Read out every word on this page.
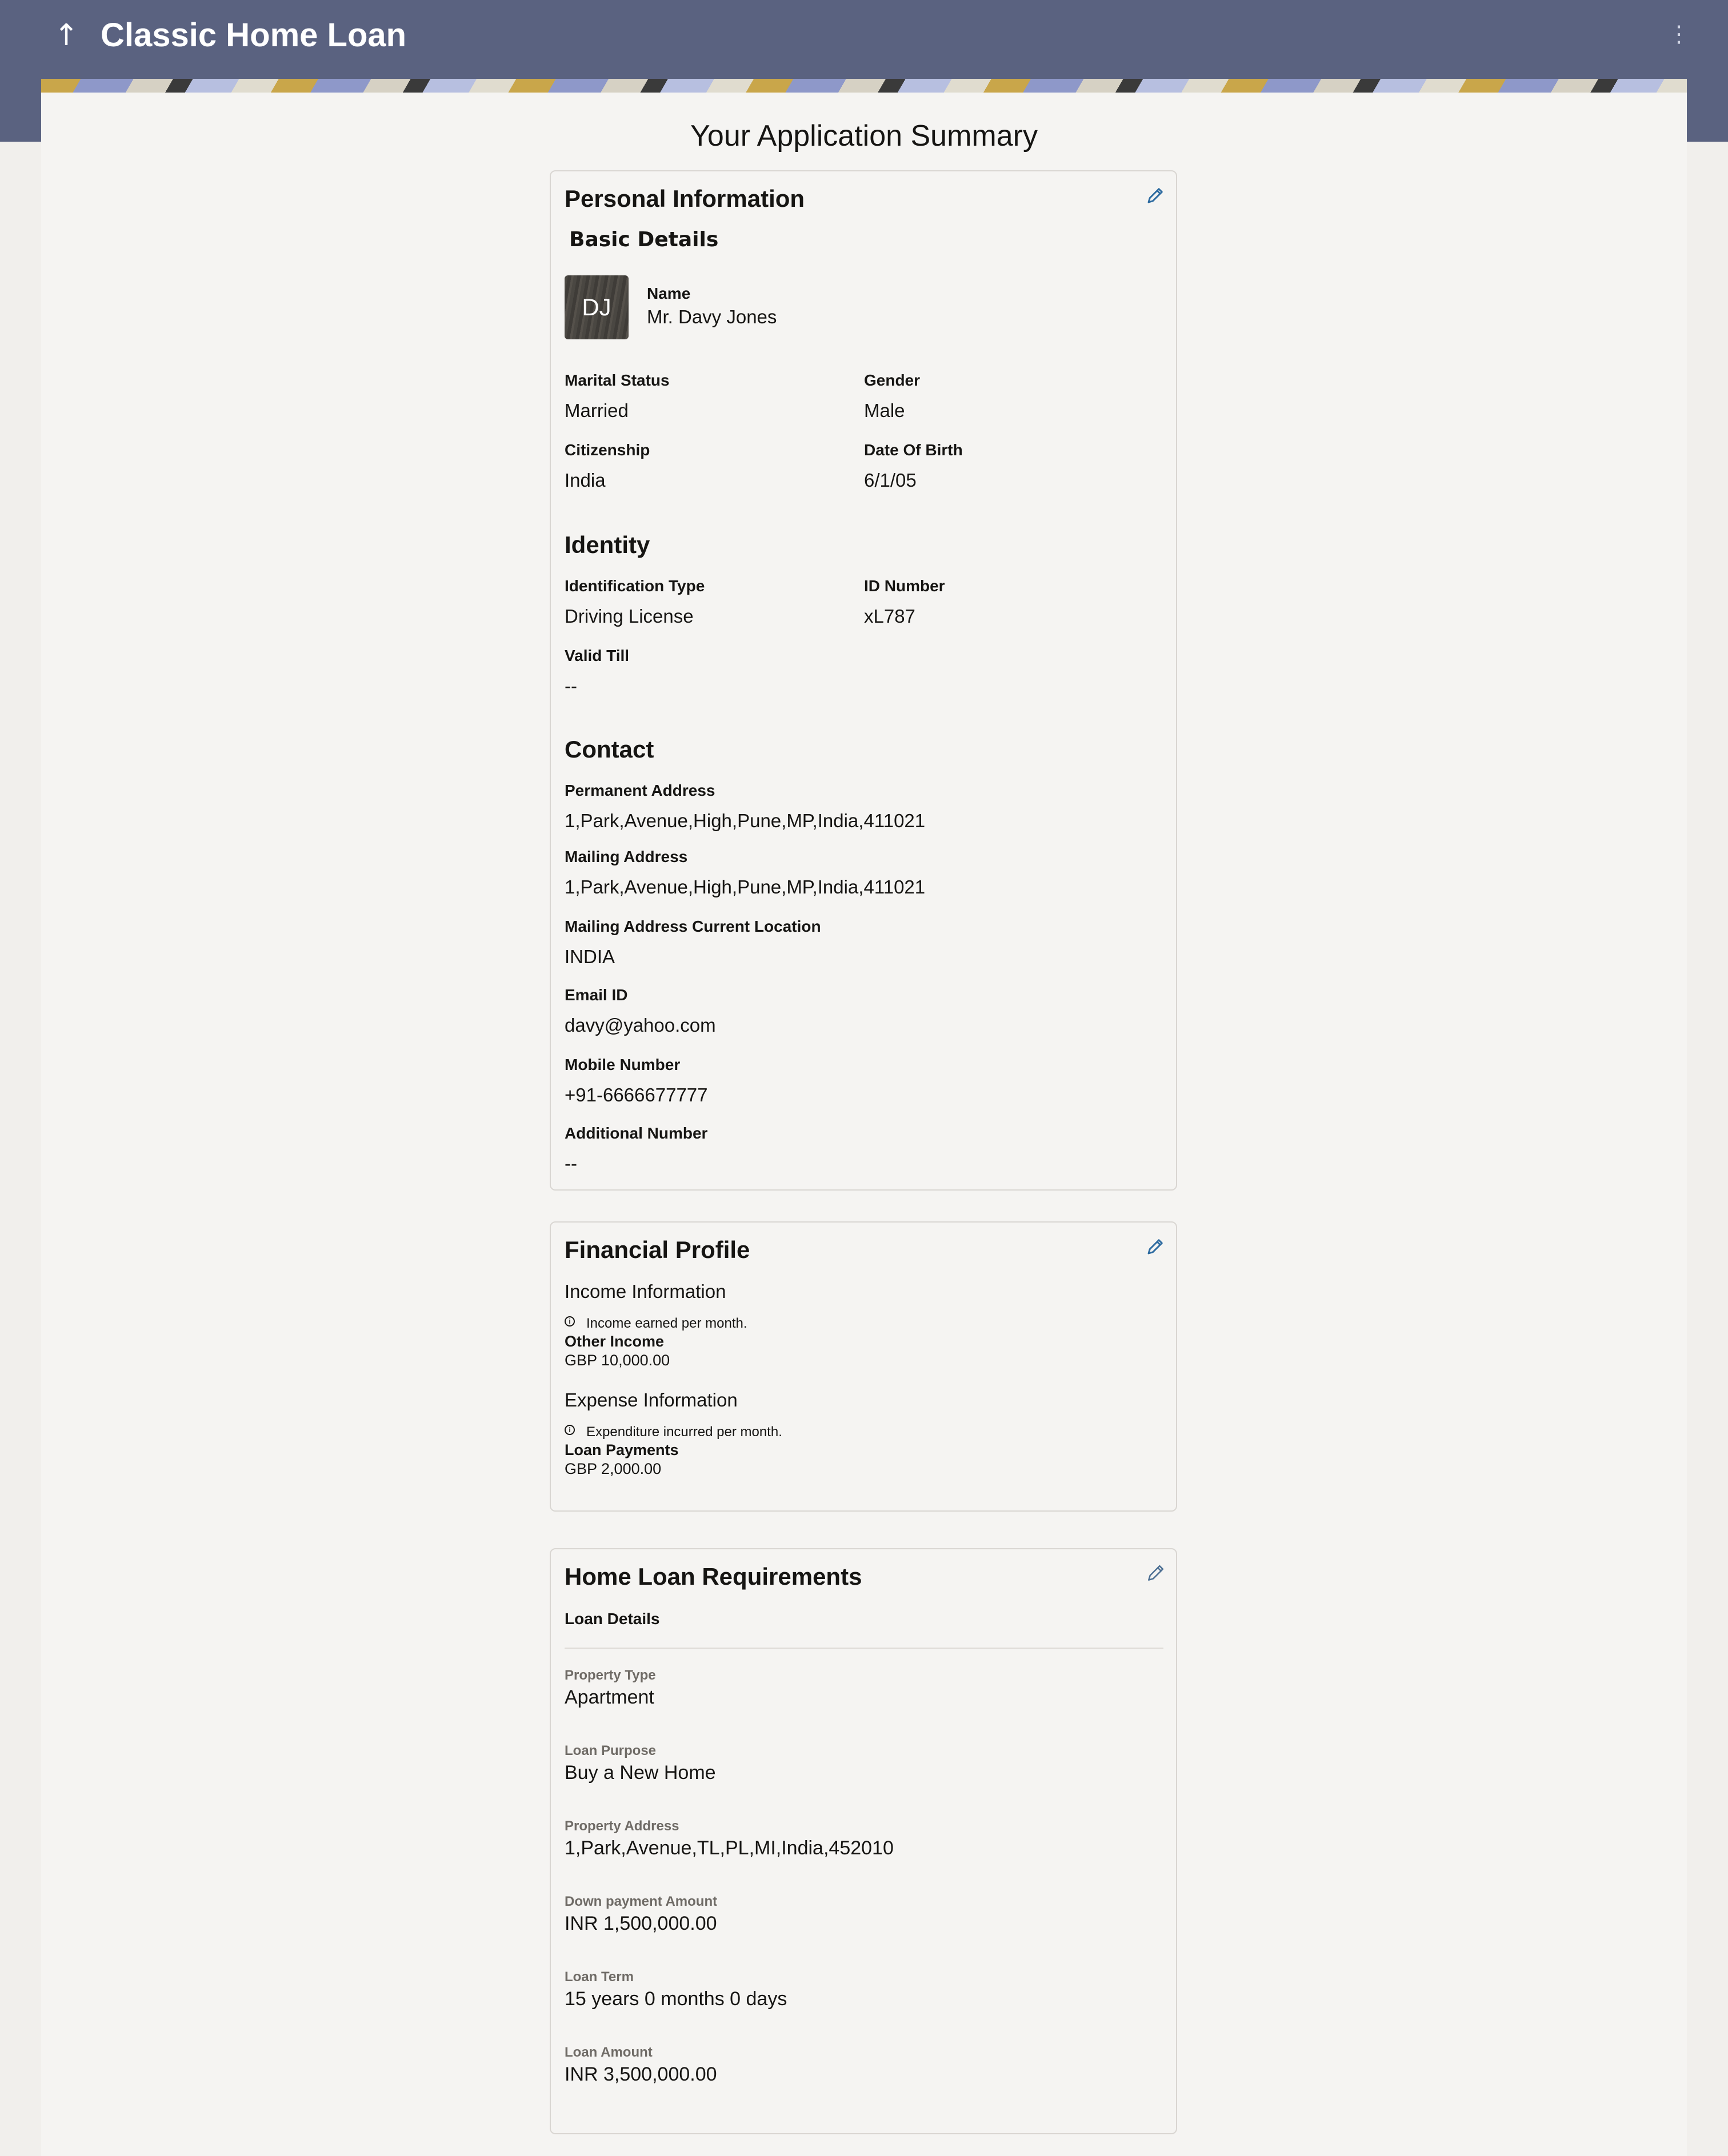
↑ Classic Home Loan	⋮
Your Application Summary
Personal Information
Basic Details
DJ
Name
Mr. Davy Jones
Marital Status
Married
Gender
Male
Citizenship
India
Date Of Birth
6/1/05
Identity
Identification Type
Driving License
ID Number
xL787
Valid Till
--
Contact
Permanent Address
1,Park,Avenue,High,Pune,MP,India,411021
Mailing Address
1,Park,Avenue,High,Pune,MP,India,411021
Mailing Address Current Location
INDIA
Email ID
davy@yahoo.com
Mobile Number
+91-6666677777
Additional Number
--
Financial Profile
Income Information
i	Income earned per month.
Other Income
GBP 10,000.00
Expense Information
i	Expenditure incurred per month.
Loan Payments
GBP 2,000.00
Home Loan Requirements
Loan Details
Property Type
Apartment
Loan Purpose
Buy a New Home
Property Address
1,Park,Avenue,TL,PL,MI,India,452010
Down payment Amount
INR 1,500,000.00
Loan Term
15 years 0 months 0 days
Loan Amount
INR 3,500,000.00
